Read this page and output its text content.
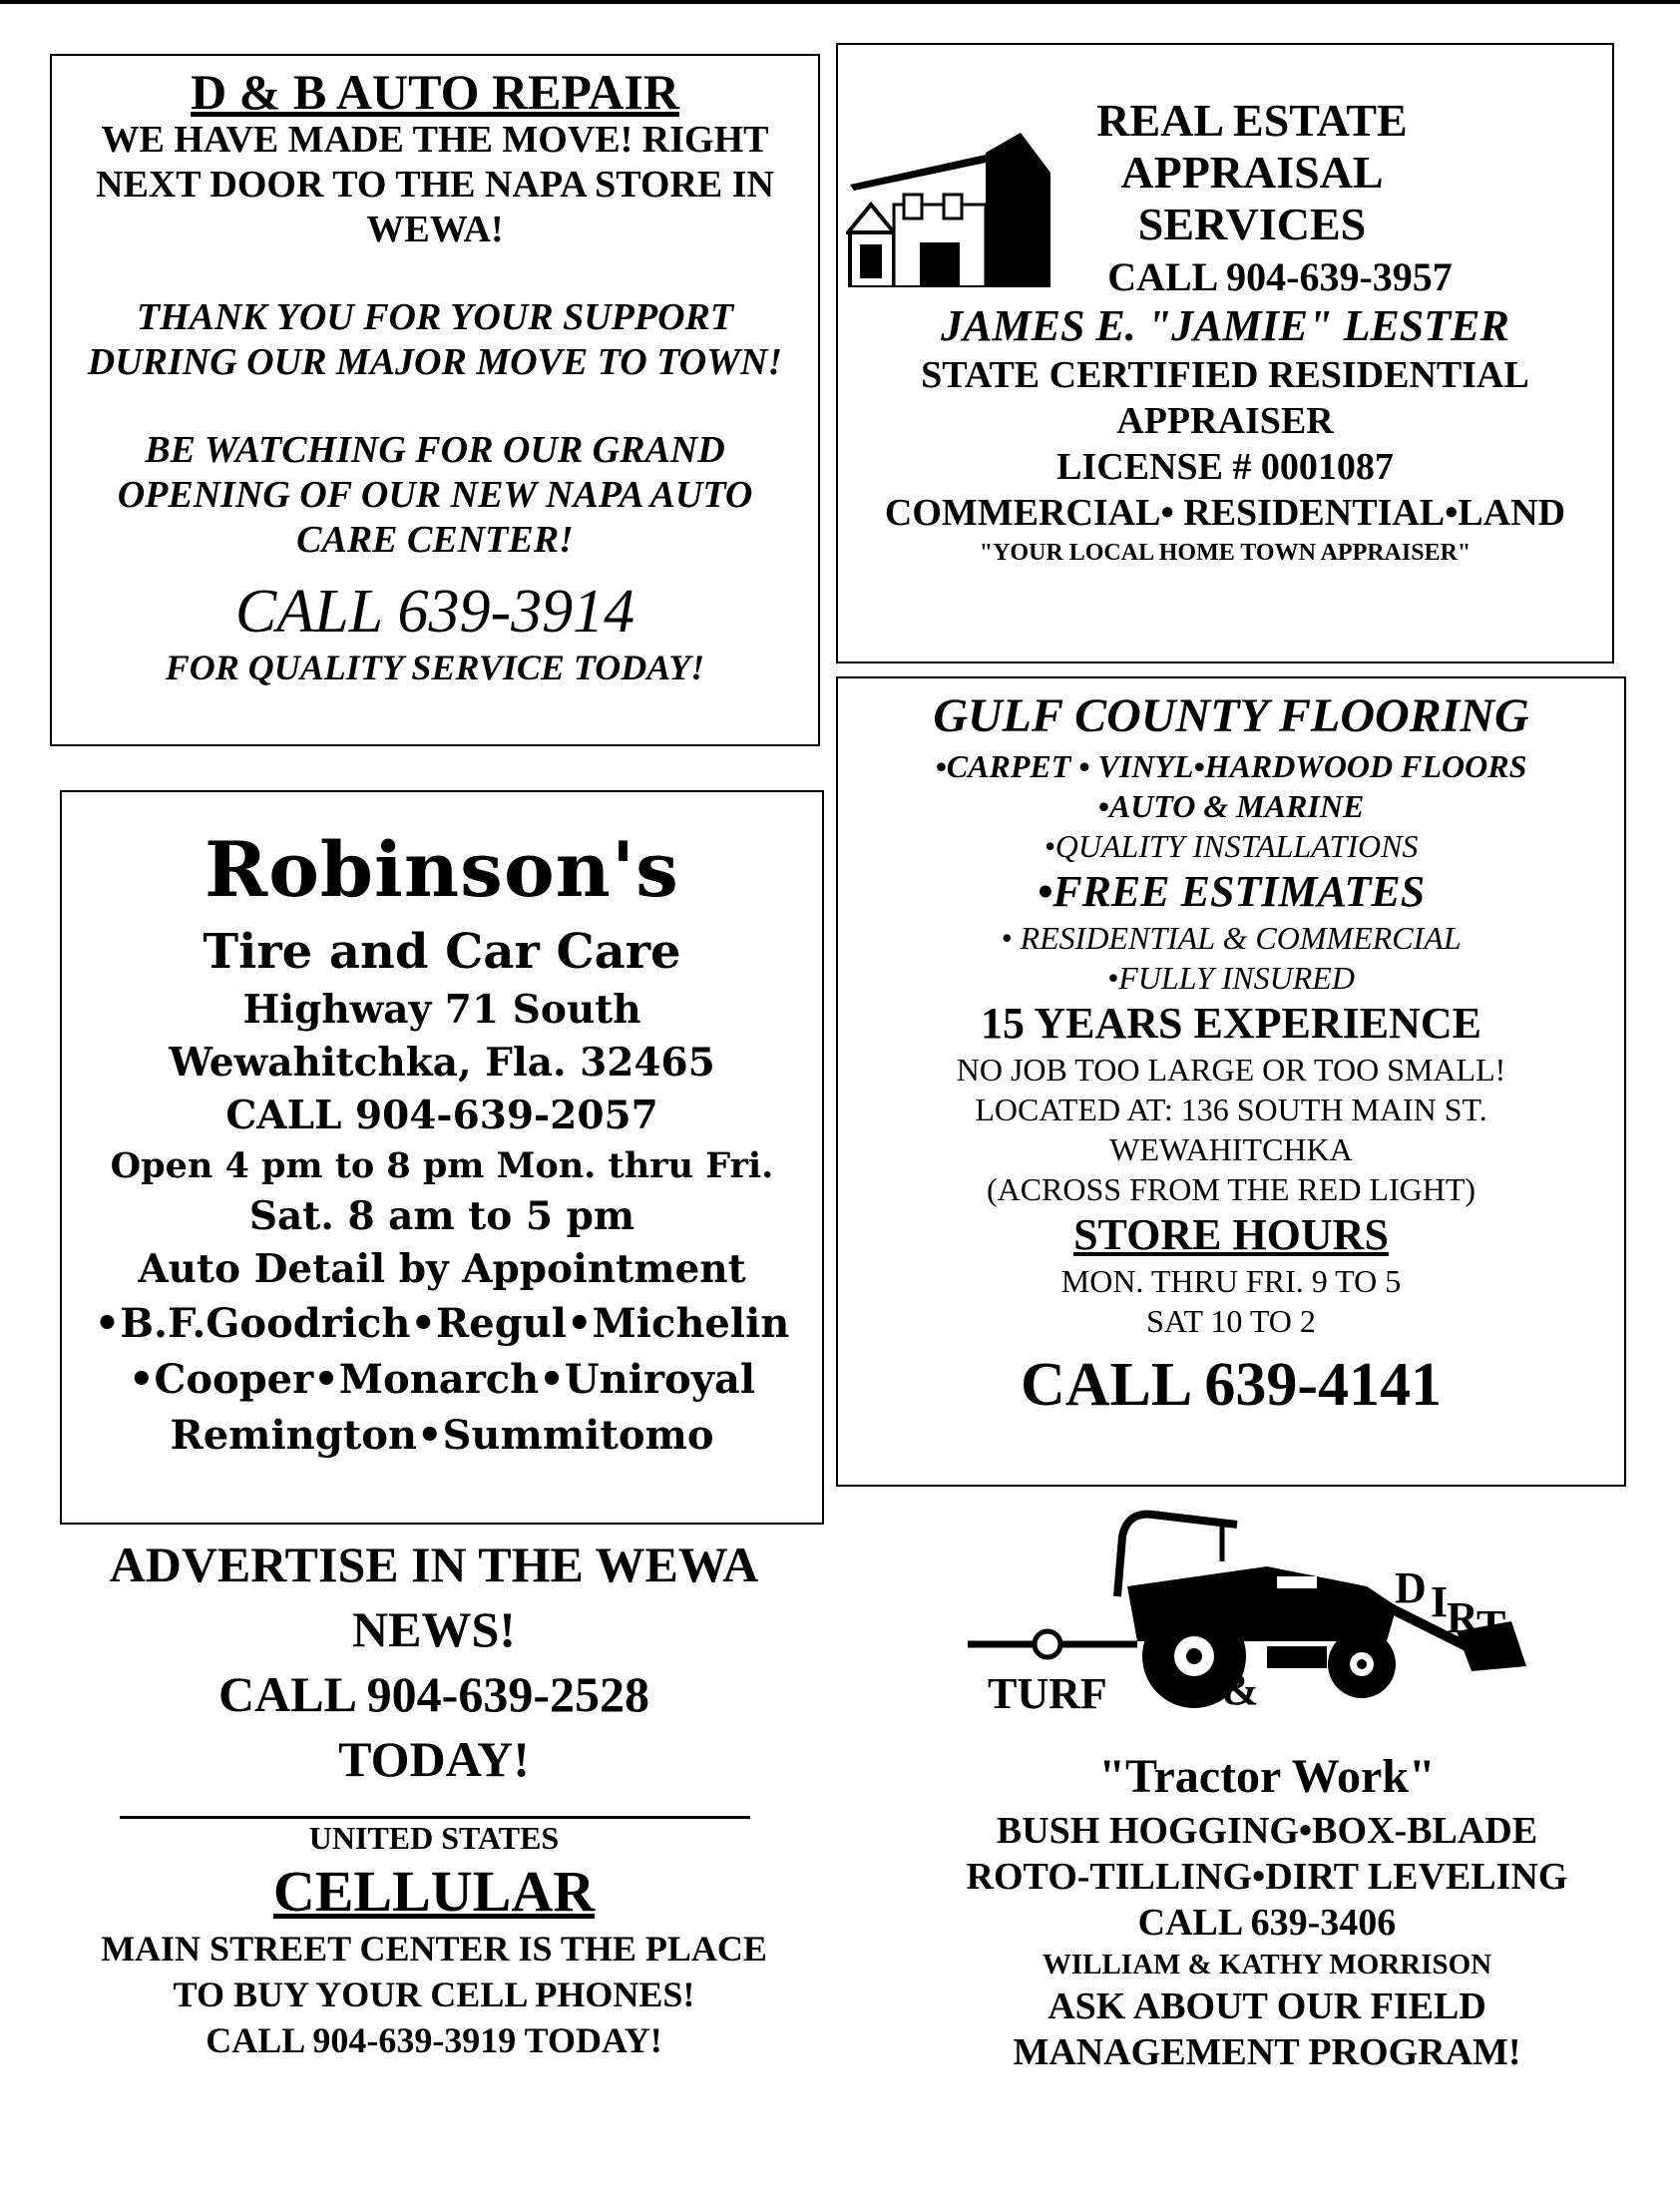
D & B AUTO REPAIR
WE HAVE MADE THE MOVE! RIGHT
NEXT DOOR TO THE NAPA STORE IN
WEWA!
THANK YOU FOR YOUR SUPPORT
DURING OUR MAJOR MOVE TO TOWN!
BE WATCHING FOR OUR GRAND
OPENING OF OUR NEW NAPA AUTO
CARE CENTER!
CALL 639-3914
FOR QUALITY SERVICE TODAY!
REAL ESTATE
APPRAISAL
SERVICES
CALL 904-639-3957
JAMES E. "JAMIE" LESTER
STATE CERTIFIED RESIDENTIAL
APPRAISER
LICENSE # 0001087
COMMERCIAL• RESIDENTIAL•LAND
"YOUR LOCAL HOME TOWN APPRAISER"
Robinson's
Tire and Car Care
Highway 71 South
Wewahitchka, Fla. 32465
CALL 904-639-2057
Open 4 pm to 8 pm Mon. thru Fri.
Sat. 8 am to 5 pm
Auto Detail by Appointment
•B.F.Goodrich•Regul•Michelin
•Cooper•Monarch•Uniroyal
Remington•Summitomo
GULF COUNTY FLOORING
•CARPET • VINYL•HARDWOOD FLOORS
•AUTO & MARINE
•QUALITY INSTALLATIONS
•FREE ESTIMATES
• RESIDENTIAL & COMMERCIAL
•FULLY INSURED
15 YEARS EXPERIENCE
NO JOB TOO LARGE OR TOO SMALL!
LOCATED AT: 136 SOUTH MAIN ST.
WEWAHITCHKA
(ACROSS FROM THE RED LIGHT)
STORE HOURS
MON. THRU FRI. 9 TO 5
SAT 10 TO 2
CALL 639-4141
ADVERTISE IN THE WEWA
NEWS!
CALL 904-639-2528
TODAY!
UNITED STATES
CELLULAR
MAIN STREET CENTER IS THE PLACE
TO BUY YOUR CELL PHONES!
CALL 904-639-3919 TODAY!
TURF	&
D I
R
T
"Tractor Work"
BUSH HOGGING•BOX-BLADE
ROTO-TILLING•DIRT LEVELING
CALL 639-3406
WILLIAM & KATHY MORRISON
ASK ABOUT OUR FIELD
MANAGEMENT PROGRAM!
